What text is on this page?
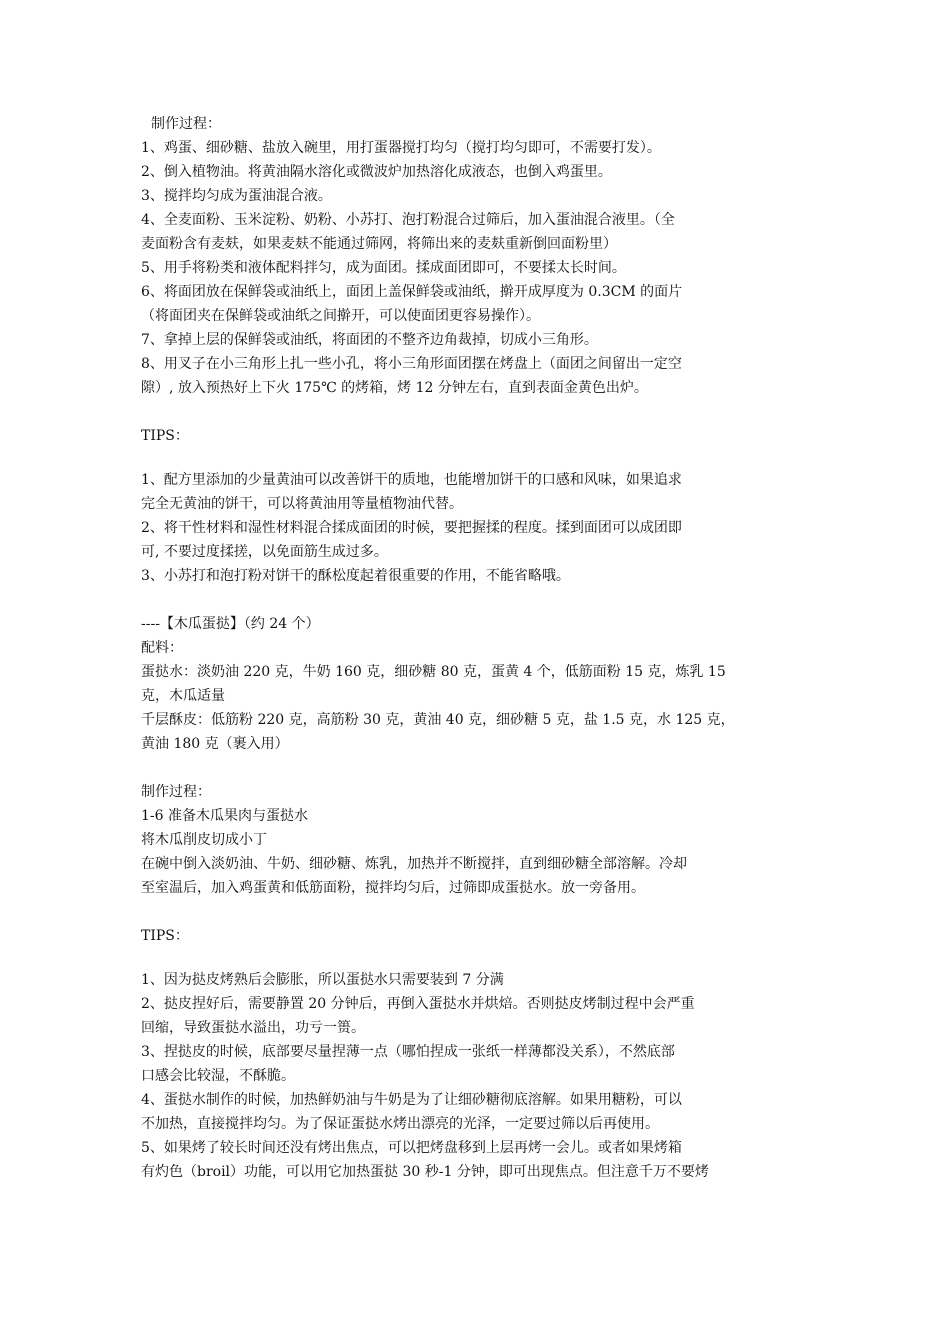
制作过程：

1、鸡蛋、细砂糖、盐放入碗里，用打蛋器搅打均匀（搅打均匀即可，不需要打发）。

2、倒入植物油。将黄油隔水溶化或微波炉加热溶化成液态，也倒入鸡蛋里。

3、搅拌均匀成为蛋油混合液。

4、全麦面粉、玉米淀粉、奶粉、小苏打、泡打粉混合过筛后，加入蛋油混合液里。（全

麦面粉含有麦麸，如果麦麸不能通过筛网，将筛出来的麦麸重新倒回面粉里）

5、用手将粉类和液体配料拌匀，成为面团。揉成面团即可，不要揉太长时间。

6、将面团放在保鲜袋或油纸上，面团上盖保鲜袋或油纸，擀开成厚度为 0.3CM 的面片

（将面团夹在保鲜袋或油纸之间擀开，可以使面团更容易操作）。

7、拿掉上层的保鲜袋或油纸，将面团的不整齐边角裁掉，切成小三角形。

8、用叉子在小三角形上扎一些小孔，将小三角形面团摆在烤盘上（面团之间留出一定空

隙）, 放入预热好上下火 175℃ 的烤箱，烤 12 分钟左右，直到表面金黄色出炉。

TIPS：

1、配方里添加的少量黄油可以改善饼干的质地，也能增加饼干的口感和风味，如果追求

完全无黄油的饼干，可以将黄油用等量植物油代替。

2、将干性材料和湿性材料混合揉成面团的时候，要把握揉的程度。揉到面团可以成团即

可, 不要过度揉搓，以免面筋生成过多。

3、小苏打和泡打粉对饼干的酥松度起着很重要的作用，不能省略哦。

----【木瓜蛋挞】（约 24 个）

配料：

蛋挞水：淡奶油 220 克，牛奶 160 克，细砂糖 80 克，蛋黄 4 个，低筋面粉 15 克，炼乳 15

克，木瓜适量

千层酥皮：低筋粉 220 克，高筋粉 30 克，黄油 40 克，细砂糖 5 克，盐 1.5 克，水 125 克，

黄油 180 克（裹入用）

制作过程：

1-6 准备木瓜果肉与蛋挞水

将木瓜削皮切成小丁

在碗中倒入淡奶油、牛奶、细砂糖、炼乳，加热并不断搅拌，直到细砂糖全部溶解。冷却

至室温后，加入鸡蛋黄和低筋面粉，搅拌均匀后，过筛即成蛋挞水。放一旁备用。

TIPS：

1、因为挞皮烤熟后会膨胀，所以蛋挞水只需要装到 7 分满

2、挞皮捏好后，需要静置 20 分钟后，再倒入蛋挞水并烘焙。否则挞皮烤制过程中会严重

回缩，导致蛋挞水溢出，功亏一篑。

3、捏挞皮的时候，底部要尽量捏薄一点（哪怕捏成一张纸一样薄都没关系），不然底部

口感会比较湿，不酥脆。

4、蛋挞水制作的时候，加热鲜奶油与牛奶是为了让细砂糖彻底溶解。如果用糖粉，可以

不加热，直接搅拌均匀。为了保证蛋挞水烤出漂亮的光泽，一定要过筛以后再使用。

5、如果烤了较长时间还没有烤出焦点，可以把烤盘移到上层再烤一会儿。或者如果烤箱

有灼色（broil）功能，可以用它加热蛋挞 30 秒-1 分钟，即可出现焦点。但注意千万不要烤
